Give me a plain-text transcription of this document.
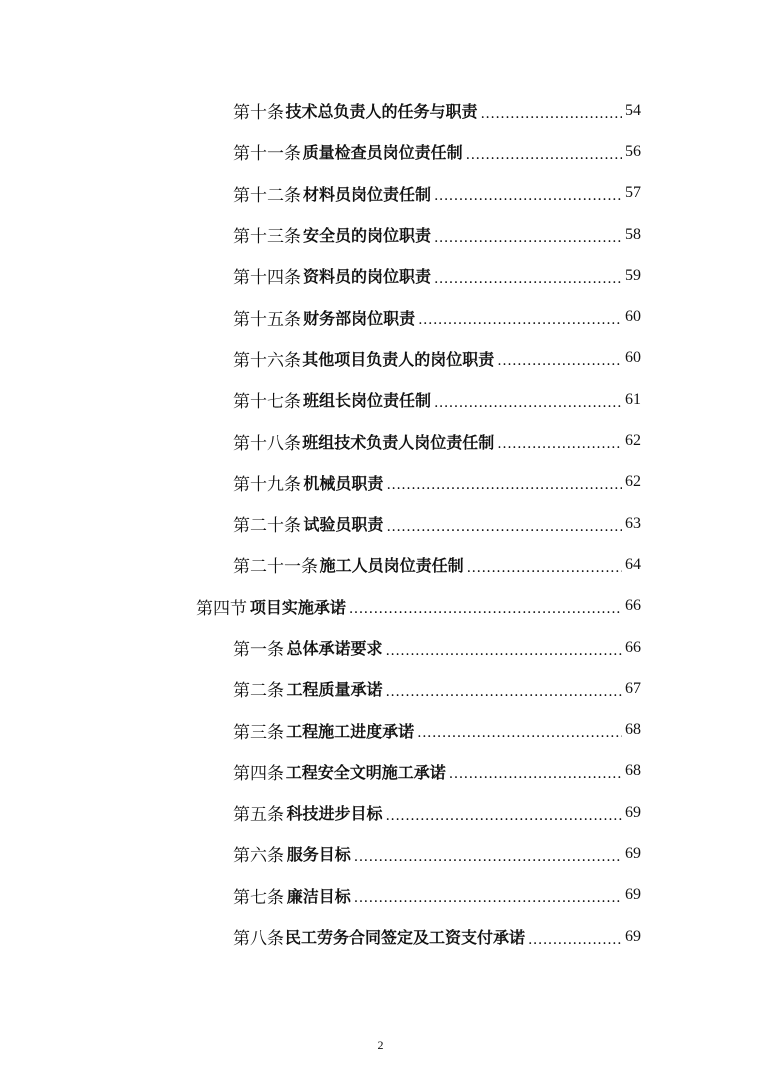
第十条 技术总负责人的任务与职责 .....	54
第十一条 质量检查员岗位责任制 .....	56
第十二条 材料员岗位责任制 .....	57
第十三条 安全员的岗位职责 .....	58
第十四条 资料员的岗位职责 .....	59
第十五条 财务部岗位职责 .....	60
第十六条 其他项目负责人的岗位职责 .....	60
第十七条 班组长岗位责任制 .....	61
第十八条 班组技术负责人岗位责任制 .....	62
第十九条 机械员职责 .....	62
第二十条 试验员职责 .....	63
第二十一条 施工人员岗位责任制 .....	64
第四节 项目实施承诺 .....	66
第一条 总体承诺要求 .....	66
第二条 工程质量承诺 .....	67
第三条 工程施工进度承诺 .....	68
第四条 工程安全文明施工承诺 .....	68
第五条 科技进步目标 .....	69
第六条 服务目标 .....	69
第七条 廉洁目标 .....	69
第八条 民工劳务合同签定及工资支付承诺 .....	69
2
